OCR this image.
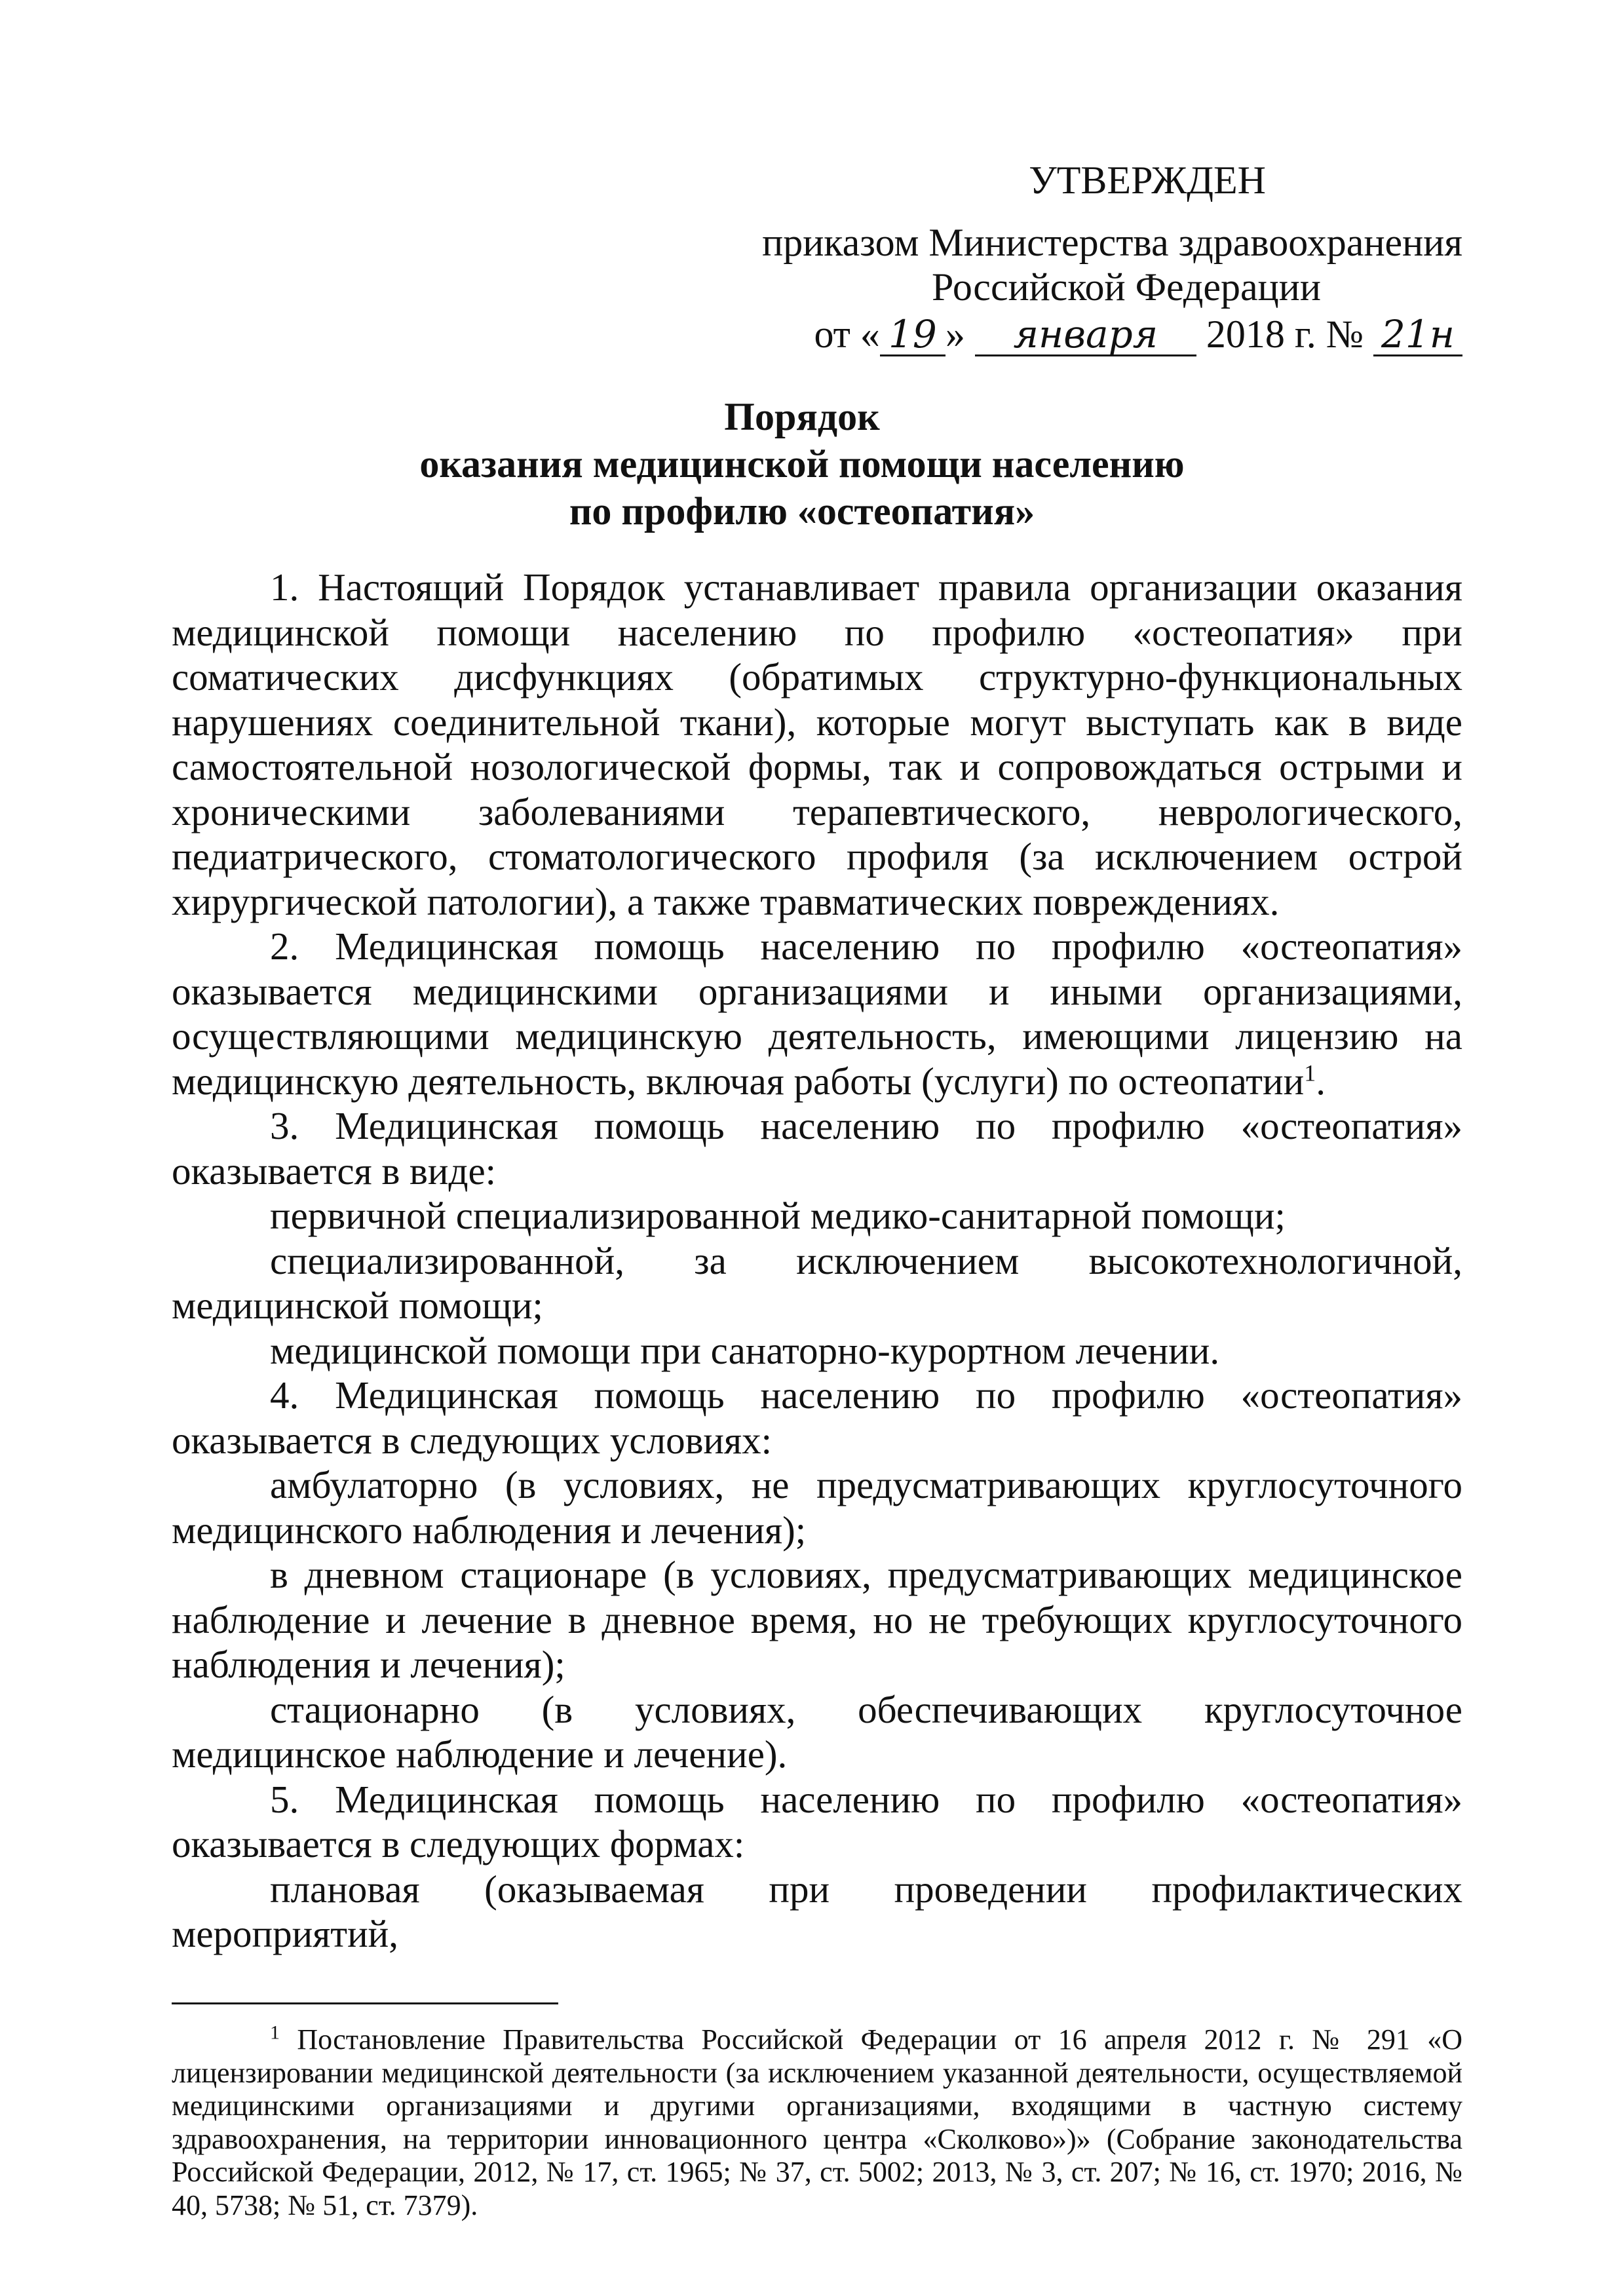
УТВЕРЖДЕН
приказом Министерства здравоохранения
Российской Федерации
от « 19 » января 2018 г. № 21н
Порядок
оказания медицинской помощи населению
по профилю «остеопатия»

1. Настоящий Порядок устанавливает правила организации оказания медицинской помощи населению по профилю «остеопатия» при соматических дисфункциях (обратимых структурно-функциональных нарушениях соединительной ткани), которые могут выступать как в виде самостоятельной нозологической формы, так и сопровождаться острыми и хроническими заболеваниями терапевтического, неврологического, педиатрического, стоматологического профиля (за исключением острой хирургической патологии), а также травматических повреждениях.

2. Медицинская помощь населению по профилю «остеопатия» оказывается медицинскими организациями и иными организациями, осуществляющими медицинскую деятельность, имеющими лицензию на медицинскую деятельность, включая работы (услуги) по остеопатии$^1$.

3. Медицинская помощь населению по профилю «остеопатия» оказывается в виде:

первичной специализированной медико-санитарной помощи;

специализированной, за исключением высокотехнологичной, медицинской помощи;

медицинской помощи при санаторно-курортном лечении.

4. Медицинская помощь населению по профилю «остеопатия» оказывается в следующих условиях:

амбулаторно (в условиях, не предусматривающих круглосуточного медицинского наблюдения и лечения);

в дневном стационаре (в условиях, предусматривающих медицинское наблюдение и лечение в дневное время, но не требующих круглосуточного наблюдения и лечения);

стационарно (в условиях, обеспечивающих круглосуточное медицинское наблюдение и лечение).

5. Медицинская помощь населению по профилю «остеопатия» оказывается в следующих формах:

плановая (оказываемая при проведении профилактических мероприятий,

$^1$ Постановление Правительства Российской Федерации от 16 апреля 2012 г. № 291 «О лицензировании медицинской деятельности (за исключением указанной деятельности, осуществляемой медицинскими организациями и другими организациями, входящими в частную систему здравоохранения, на территории инновационного центра «Сколково»)» (Собрание законодательства Российской Федерации, 2012, № 17, ст. 1965; № 37, ст. 5002; 2013, № 3, ст. 207; № 16, ст. 1970; 2016, № 40, 5738; № 51, ст. 7379).
